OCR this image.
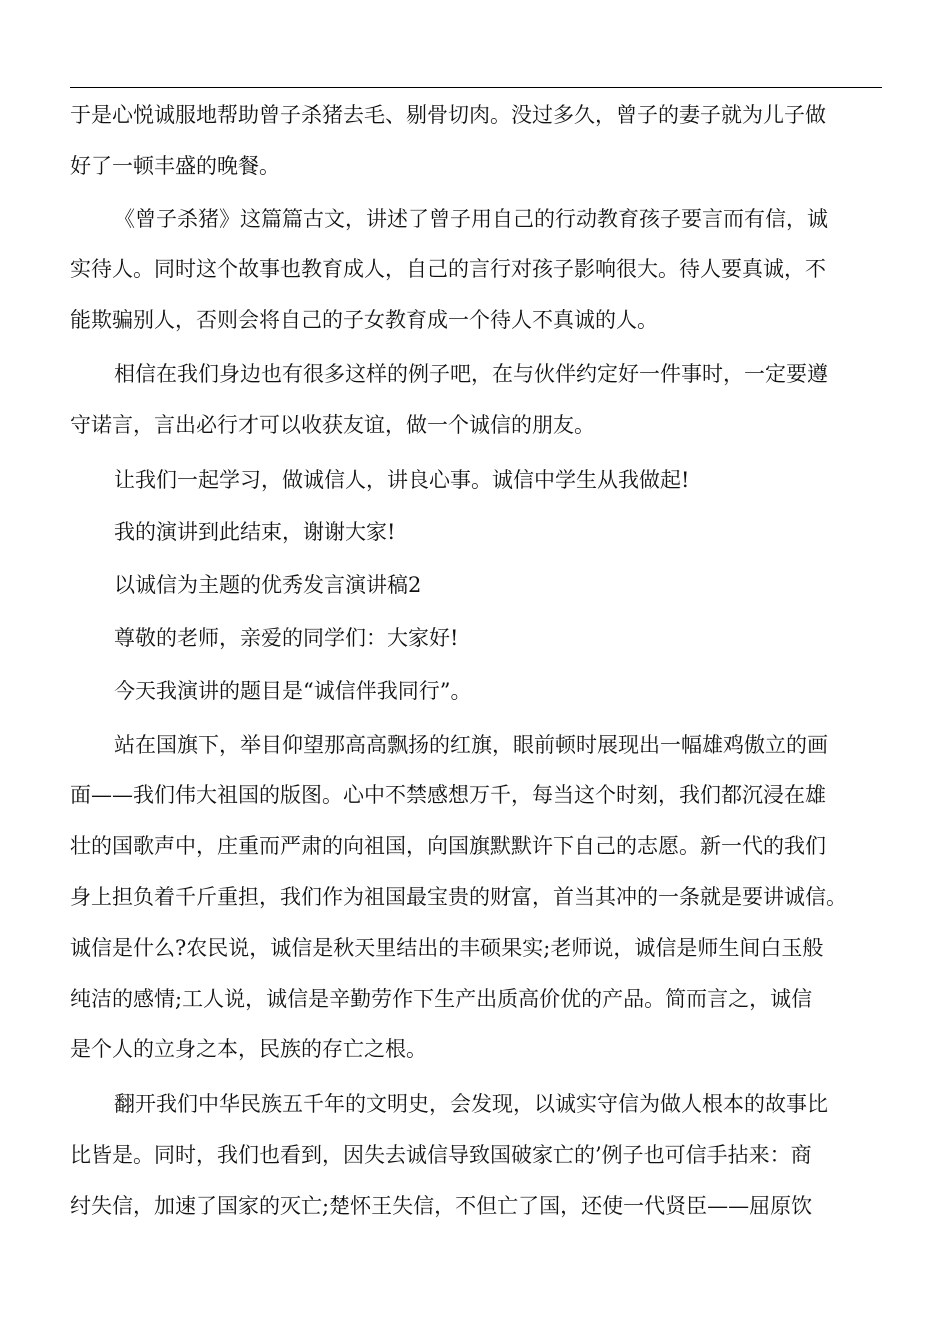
于是心悦诚服地帮助曾子杀猪去毛、剔骨切肉。没过多久，曾子的妻子就为儿子做
好了一顿丰盛的晚餐。
《曾子杀猪》这篇篇古文，讲述了曾子用自己的行动教育孩子要言而有信，诚
实待人。同时这个故事也教育成人，自己的言行对孩子影响很大。待人要真诚，不
能欺骗别人，否则会将自己的子女教育成一个待人不真诚的人。
相信在我们身边也有很多这样的例子吧，在与伙伴约定好一件事时，一定要遵
守诺言，言出必行才可以收获友谊，做一个诚信的朋友。
让我们一起学习，做诚信人，讲良心事。诚信中学生从我做起!
我的演讲到此结束，谢谢大家!
以诚信为主题的优秀发言演讲稿2
尊敬的老师，亲爱的同学们：大家好!
今天我演讲的题目是“诚信伴我同行”。
站在国旗下，举目仰望那高高飘扬的红旗，眼前顿时展现出一幅雄鸡傲立的画
面——我们伟大祖国的版图。心中不禁感想万千，每当这个时刻，我们都沉浸在雄
壮的国歌声中，庄重而严肃的向祖国，向国旗默默许下自己的志愿。新一代的我们
身上担负着千斤重担，我们作为祖国最宝贵的财富，首当其冲的一条就是要讲诚信。
诚信是什么?农民说，诚信是秋天里结出的丰硕果实;老师说，诚信是师生间白玉般
纯洁的感情;工人说，诚信是辛勤劳作下生产出质高价优的产品。简而言之，诚信
是个人的立身之本，民族的存亡之根。
翻开我们中华民族五千年的文明史，会发现，以诚实守信为做人根本的故事比
比皆是。同时，我们也看到，因失去诚信导致国破家亡的’例子也可信手拈来：商
纣失信，加速了国家的灭亡;楚怀王失信，不但亡了国，还使一代贤臣——屈原饮
